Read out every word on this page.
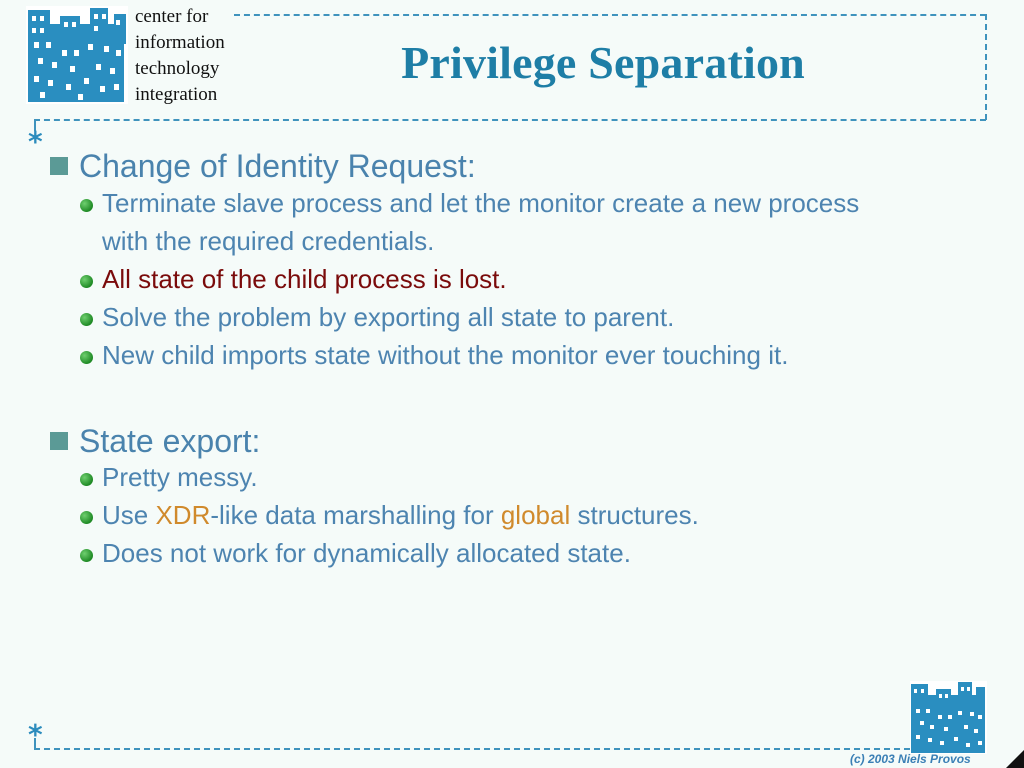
center for
information
technology
integration
Privilege Separation
*
Change of Identity Request:
Terminate slave process and let the monitor create a new process
with the required credentials.
All state of the child process is lost.
Solve the problem by exporting all state to parent.
New child imports state without the monitor ever touching it.
State export:
Pretty messy.
Use XDR-like data marshalling for global structures.
Does not work for dynamically allocated state.
*
(c) 2003 Niels Provos
